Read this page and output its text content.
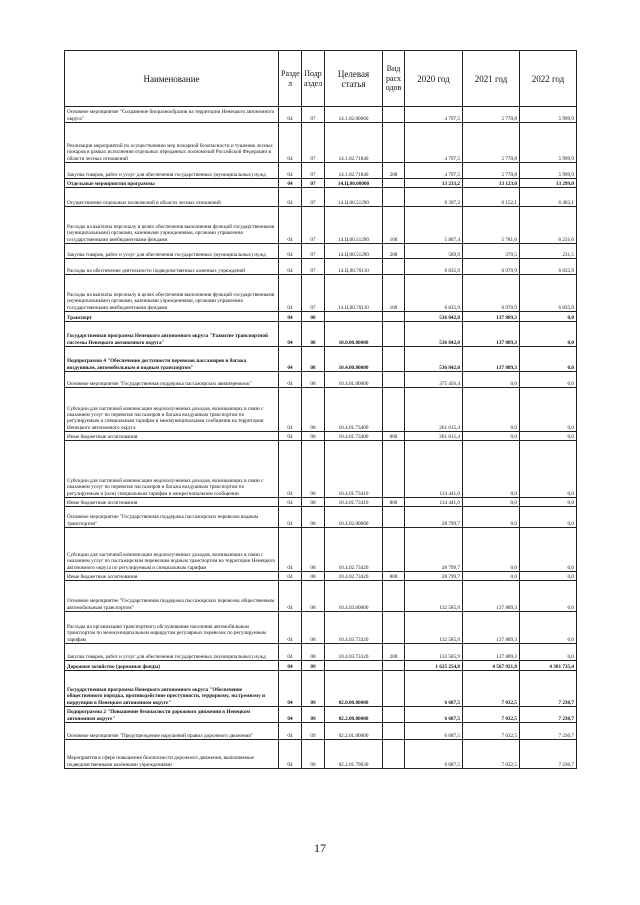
Наименование	Разде л	Подр аздел	Целевая статья	Вид расх одов	2020 год	2021 год	2022 год
Основное мероприятие "Сохранение биоразнообразия на территории Ненецкого автономного округа"	04	07	14.1.02.00000		4 797,5	5 770,8	5 999,9
Реализация мероприятий по осуществлению мер пожарной безопасности и тушению лесных пожаров в рамках исполнения отдельных переданных полномочий Российской Федерации в области лесных отношений	04	07	14.1.02.71840		4 797,5	5 770,8	5 999,9
Закупка товаров, работ и услуг для обеспечения государственных (муниципальных) нужд	04	07	14.1.02.71840	200	4 797,5	5 770,8	5 999,9
Отдельные мероприятия программы	04	07	14.Ц.00.00000		13 233,2	13 123,0	13 299,0
Осуществление отдельных полномочий в области лесных отношений	04	07	14.Ц.00.51290		6 397,3	6 152,1	6 463,1
Расходы на выплаты персоналу в целях обеспечения выполнения функций государственными (муниципальными) органами, казенными учреждениями, органами управления государственными внебюджетными фондами	04	07	14.Ц.00.51290	100	5 807,4	5 781,6	6 231,6
Закупка товаров, работ и услуг для обеспечения государственных (муниципальных) нужд	04	07	14.Ц.00.51290	200	589,9	370,5	231,5
Расходы на обеспечение деятельности подведомственных казенных учреждений	04	07	14.Ц.00.70110		6 835,9	6 970,9	6 835,9
Расходы на выплаты персоналу в целях обеспечения выполнения функций государственными (муниципальными) органами, казенными учреждениями, органами управления государственными внебюджетными фондами	04	07	14.Ц.00.70110	100	6 835,9	6 970,9	6 835,9
Транспорт	04	08			536 842,0	137 889,3	0,0
Государственная программа Ненецкого автономного округа "Развитие транспортной системы Ненецкого автономного округа"	04	08	10.0.00.00000		536 842,0	137 889,3	0,0
Подпрограмма 4 "Обеспечение доступности перевозок пассажиров и багажа воздушным, автомобильным и водным транспортом"	04	08	10.4.00.00000		536 842,0	137 889,3	0,0
Основное мероприятие "Государственная поддержка пассажирских авиаперевозок"	04	08	10.4.01.00000		375 456,4	0,0	0,0
Субсидии для частичной компенсации недополученных доходов, возникающих в связи с оказанием услуг по перевозке пассажиров и багажа воздушным транспортом по регулируемым и специальным тарифам в межмуниципальном сообщении на территории Ненецкого автономного округа	04	08	10.4.01.73400		261 015,4	0,0	0,0
Иные бюджетные ассигнования	04	08	10.4.01.73400	800	261 015,4	0,0	0,0
Субсидии для частичной компенсации недополученных доходов, возникающих в связи с оказанием услуг по перевозке пассажиров и багажа воздушным транспортом по регулируемым и (или) специальным тарифам в межрегиональном сообщении	04	08	10.4.01.73410		114 441,0	0,0	0,0
Иные бюджетные ассигнования	04	08	10.4.01.73410	800	114 441,0	0,0	0,0
Основное мероприятие "Государственная поддержка пассажирских перевозок водным транспортом"	04	08	10.4.02.00000		28 799,7	0,0	0,0
Субсидии для частичной компенсации недополученных доходов, возникающих в связи с оказанием услуг по пассажирским перевозкам водным транспортом на территории Ненецкого автономного округа по регулируемым и специальным тарифам	04	08	10.4.02.73420		28 799,7	0,0	0,0
Иные бюджетные ассигнования	04	08	10.4.02.73420	800	28 799,7	0,0	0,0
Основное мероприятие "Государственная поддержка пассажирских перевозок общественным автомобильным транспортом"	04	08	10.4.03.00000		132 585,9	137 889,3	0,0
Расходы на организацию транспортного обслуживания населения автомобильным транспортом по межмуниципальным маршрутам регулярных перевозок по регулируемым тарифам	04	08	10.4.03.73320		132 585,9	137 889,3	0,0
Закупка товаров, работ и услуг для обеспечения государственных (муниципальных) нужд	04	08	10.4.03.73320	200	132 585,9	137 889,3	0,0
Дорожное хозяйство (дорожные фонды)	04	09			1 625 254,8	4 567 921,8	4 381 735,4
Государственная программа Ненецкого автономного округа "Обеспечение общественного порядка, противодействие преступности, терроризму, экстремизму и коррупции в Ненецком автономном округе"	04	09	02.0.00.00000		6 687,5	7 032,5	7 230,7
Подпрограмма 2 "Повышение безопасности дорожного движения в Ненецком автономном округе"	04	09	02.2.00.00000		6 687,5	7 032,5	7 230,7
Основное мероприятие "Предупреждение нарушений правил дорожного движения"	04	09	02.2.01.00000		6 687,5	7 032,5	7 230,7
Мероприятия в сфере повышения безопасности дорожного движения, выполняемые подведомственными казёнными учреждениями	04	09	02.2.01.79030		6 687,5	7 032,5	7 230,7
17
